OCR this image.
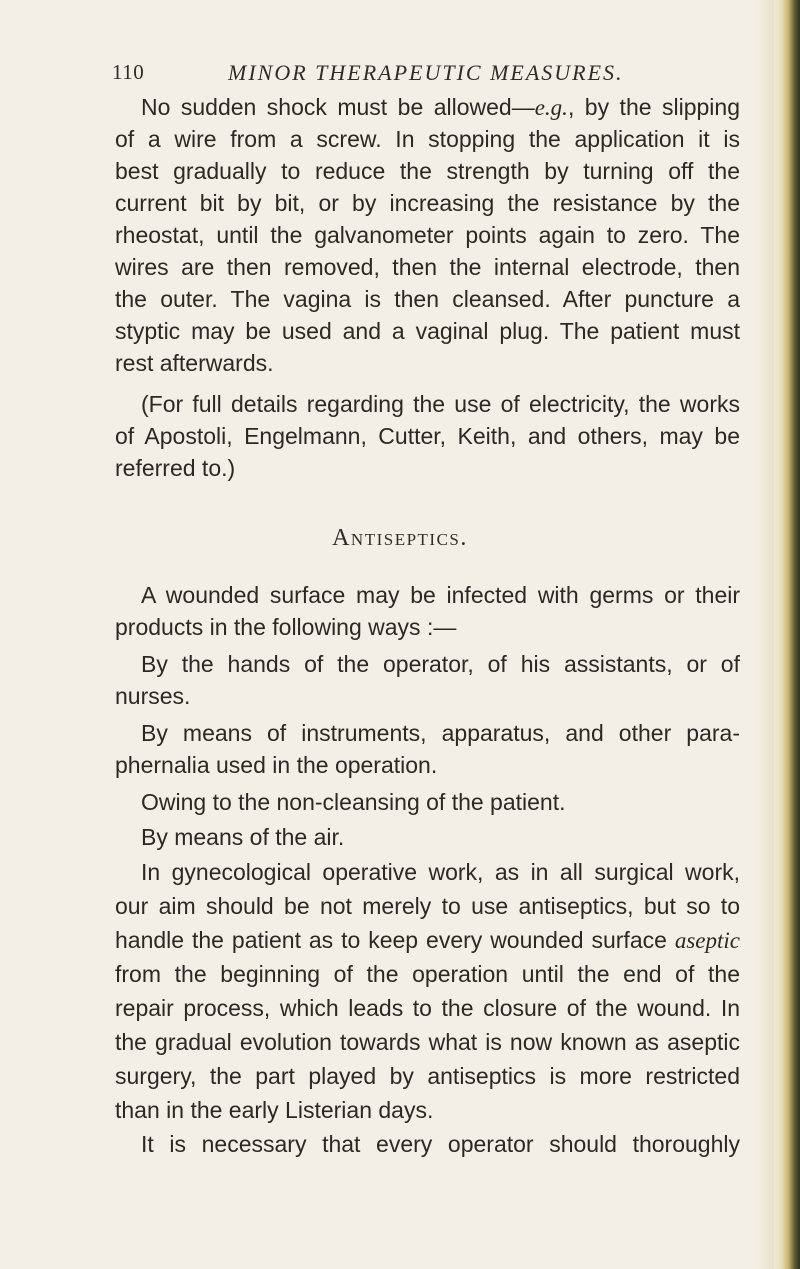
110	MINOR THERAPEUTIC MEASURES.
No sudden shock must be allowed—e.g., by the slipping
of a wire from a screw. In stopping the application it is
best gradually to reduce the strength by turning off the
current bit by bit, or by increasing the resistance by the
rheostat, until the galvanometer points again to zero. The
wires are then removed, then the internal electrode, then
the outer. The vagina is then cleansed. After puncture a
styptic may be used and a vaginal plug. The patient must
rest afterwards.
(For full details regarding the use of electricity, the works
of Apostoli, Engelmann, Cutter, Keith, and others, may be
referred to.)
A wounded surface may be infected with germs or their
products in the following ways :—
By the hands of the operator, of his assistants, or of
nurses.
By means of instruments, apparatus, and other para-
phernalia used in the operation.
Owing to the non-cleansing of the patient.
By means of the air.
In gynecological operative work, as in all surgical work,
our aim should be not merely to use antiseptics, but so to
handle the patient as to keep every wounded surface aseptic
from the beginning of the operation until the end of the
repair process, which leads to the closure of the wound. In
the gradual evolution towards what is now known as aseptic
surgery, the part played by antiseptics is more restricted
than in the early Listerian days.
It is necessary that every operator should thoroughly
Antiseptics.
